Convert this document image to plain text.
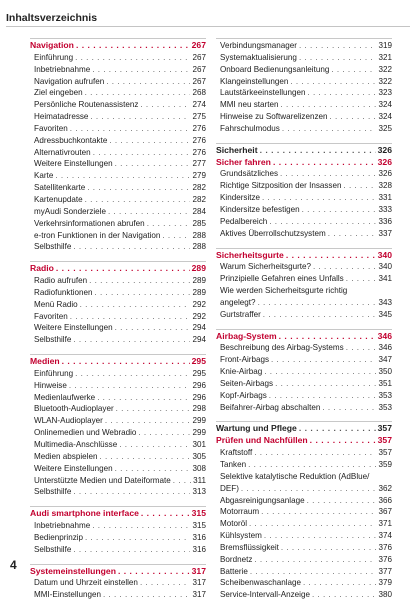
Inhaltsverzeichnis
Navigation . . .	267
Einführung . . .	267
Inbetriebnahme . . .	267
Navigation aufrufen . . .	267
Ziel eingeben . . .	268
Persönliche Routenassistenz . . .	274
Heimatadresse . . .	275
Favoriten . . .	276
Adressbuchkontakte . . .	276
Alternativrouten . . .	276
Weitere Einstellungen . . .	277
Karte . . .	279
Satellitenkarte . . .	282
Kartenupdate . . .	282
myAudi Sonderziele . . .	284
Verkehrsinformationen abrufen . . .	285
e-tron Funktionen in der Navigation . . .	288
Selbsthilfe . . .	288
Radio . . .	289
Radio aufrufen . . .	289
Radiofunktionen . . .	289
Menü Radio . . .	292
Favoriten . . .	292
Weitere Einstellungen . . .	294
Selbsthilfe . . .	294
Medien . . .	295
Einführung . . .	295
Hinweise . . .	296
Medienlaufwerke . . .	296
Bluetooth-Audioplayer . . .	298
WLAN-Audioplayer . . .	299
Onlinemedien und Webradio . . .	299
Multimedia-Anschlüsse . . .	301
Medien abspielen . . .	305
Weitere Einstellungen . . .	308
Unterstützte Medien und Dateiformate . . .	311
Selbsthilfe . . .	313
Audi smartphone interface . . .	315
Inbetriebnahme . . .	315
Bedienprinzip . . .	316
Selbsthilfe . . .	316
Systemeinstellungen . . .	317
Datum und Uhrzeit einstellen . . .	317
MMI-Einstellungen . . .	317
Verbindungsmanager . . .	319
Systemaktualisierung . . .	321
Onboard Bedienungsanleitung . . .	322
Klangeinstellungen . . .	322
Lautstärkeeinstellungen . . .	323
MMI neu starten . . .	324
Hinweise zu Softwarelizenzen . . .	324
Fahrschulmodus . . .	325
Sicherheit . . .	326
Sicher fahren . . .	326
Grundsätzliches . . .	326
Richtige Sitzposition der Insassen . . .	328
Kindersitze . . .	331
Kindersitze befestigen . . .	333
Pedalbereich . . .	336
Aktives Überrollschutzsystem . . .	337
Sicherheitsgurte . . .	340
Warum Sicherheitsgurte? . . .	340
Prinzipielle Gefahren eines Unfalls . . .	341
Wie werden Sicherheitsgurte richtig
angelegt? . . .	343
Gurtstraffer . . .	345
Airbag-System . . .	346
Beschreibung des Airbag-Systems . . .	346
Front-Airbags . . .	347
Knie-Airbag . . .	350
Seiten-Airbags . . .	351
Kopf-Airbags . . .	353
Beifahrer-Airbag abschalten . . .	353
Wartung und Pflege . . .	357
Prüfen und Nachfüllen . . .	357
Kraftstoff . . .	357
Tanken . . .	359
Selektive katalytische Reduktion (AdBlue/
DEF) . . .	362
Abgasreinigungsanlage . . .	366
Motorraum . . .	367
Motoröl . . .	371
Kühlsystem . . .	374
Bremsflüssigkeit . . .	376
Bordnetz . . .	376
Batterie . . .	377
Scheibenwaschanlage . . .	379
Service-Intervall-Anzeige . . .	380
4
